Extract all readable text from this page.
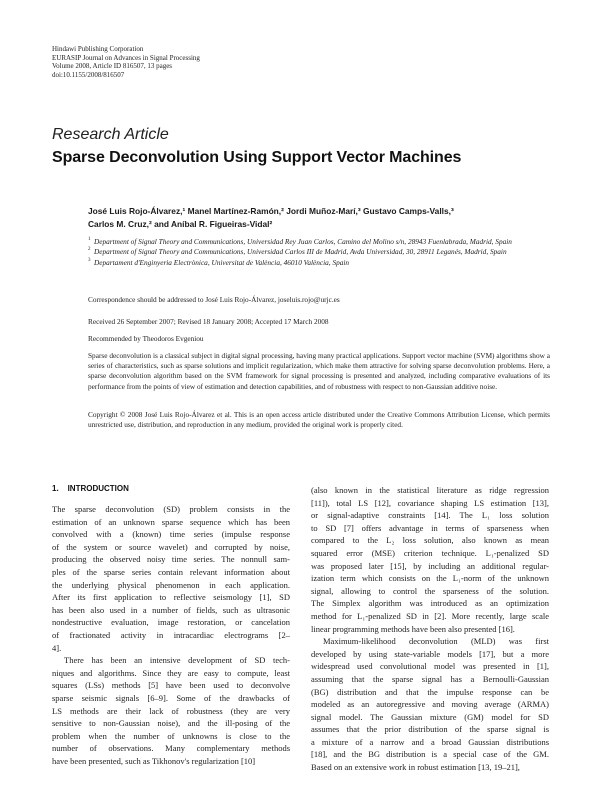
Hindawi Publishing Corporation
EURASIP Journal on Advances in Signal Processing
Volume 2008, Article ID 816507, 13 pages
doi:10.1155/2008/816507
Research Article
Sparse Deconvolution Using Support Vector Machines
José Luis Rojo-Álvarez,¹ Manel Martínez-Ramón,² Jordi Muñoz-Marí,³ Gustavo Camps-Valls,³
Carlos M. Cruz,² and Aníbal R. Figueiras-Vidal²
1 Department of Signal Theory and Communications, Universidad Rey Juan Carlos, Camino del Molino s/n, 28943 Fuenlabrada, Madrid, Spain
2 Department of Signal Theory and Communications, Universidad Carlos III de Madrid, Avda Universidad, 30, 28911 Leganés, Madrid, Spain
3 Departament d'Enginyeria Electrònica, Universitat de València, 46010 València, Spain
Correspondence should be addressed to José Luis Rojo-Álvarez, joseluis.rojo@urjc.es
Received 26 September 2007; Revised 18 January 2008; Accepted 17 March 2008
Recommended by Theodoros Evgeniou
Sparse deconvolution is a classical subject in digital signal processing, having many practical applications. Support vector machine (SVM) algorithms show a series of characteristics, such as sparse solutions and implicit regularization, which make them attractive for solving sparse deconvolution problems. Here, a sparse deconvolution algorithm based on the SVM framework for signal processing is presented and analyzed, including comparative evaluations of its performance from the points of view of estimation and detection capabilities, and of robustness with respect to non-Gaussian additive noise.
Copyright © 2008 José Luis Rojo-Álvarez et al. This is an open access article distributed under the Creative Commons Attribution License, which permits unrestricted use, distribution, and reproduction in any medium, provided the original work is properly cited.
1. INTRODUCTION
The sparse deconvolution (SD) problem consists in the
estimation of an unknown sparse sequence which has been
convolved with a (known) time series (impulse response
of the system or source wavelet) and corrupted by noise,
producing the observed noisy time series. The nonnull sam-
ples of the sparse series contain relevant information about
the underlying physical phenomenon in each application.
After its first application to reflective seismology [1], SD
has been also used in a number of fields, such as ultrasonic
nondestructive evaluation, image restoration, or cancelation
of fractionated activity in intracardiac electrograms [2–
4].
There has been an intensive development of SD tech-
niques and algorithms. Since they are easy to compute, least
squares (LSs) methods [5] have been used to deconvolve
sparse seismic signals [6–9]. Some of the drawbacks of
LS methods are their lack of robustness (they are very
sensitive to non-Gaussian noise), and the ill-posing of the
problem when the number of unknowns is close to the
number of observations. Many complementary methods
have been presented, such as Tikhonov's regularization [10]
(also known in the statistical literature as ridge regression
[11]), total LS [12], covariance shaping LS estimation [13],
or signal-adaptive constraints [14]. The L₁ loss solution
to SD [7] offers advantage in terms of sparseness when
compared to the L₂ loss solution, also known as mean
squared error (MSE) criterion technique. L₁-penalized SD
was proposed later [15], by including an additional regular-
ization term which consists on the L₁-norm of the unknown
signal, allowing to control the sparseness of the solution.
The Simplex algorithm was introduced as an optimization
method for L₁-penalized SD in [2]. More recently, large scale
linear programming methods have been also presented [16].
Maximum-likelihood deconvolution (MLD) was first
developed by using state-variable models [17], but a more
widespread used convolutional model was presented in [1],
assuming that the sparse signal has a Bernoulli-Gaussian
(BG) distribution and that the impulse response can be
modeled as an autoregressive and moving average (ARMA)
signal model. The Gaussian mixture (GM) model for SD
assumes that the prior distribution of the sparse signal is
a mixture of a narrow and a broad Gaussian distributions
[18], and the BG distribution is a special case of the GM.
Based on an extensive work in robust estimation [13, 19–21],
